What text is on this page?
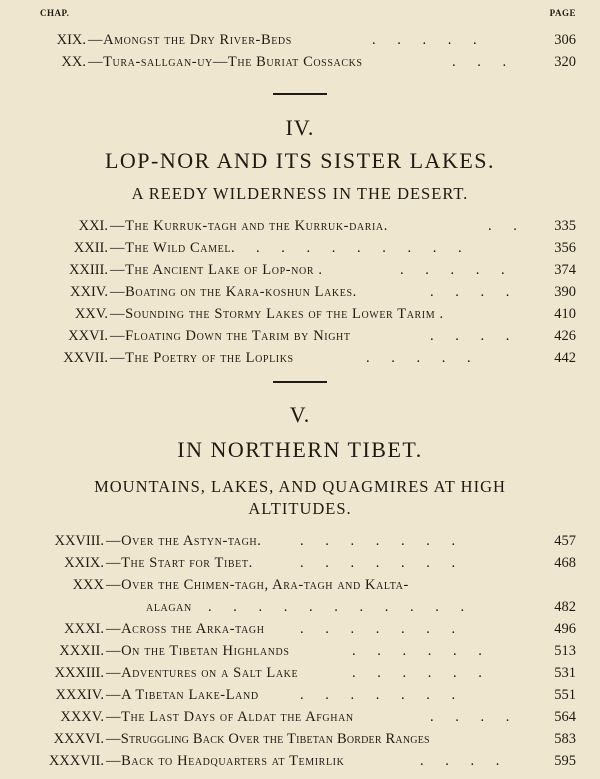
CHAP.	PAGE
XIX. —Amongst the Dry River-Beds	. . . . .	306
XX. —Tura-sallgan-uy—The Buriat Cossacks	. . .	320
IV.
LOP-NOR AND ITS SISTER LAKES.
A REEDY WILDERNESS IN THE DESERT.
XXI. —The Kurruk-tagh and the Kurruk-daria.	. .	335
XXII. —The Wild Camel. . . . . . . . . .	356
XXIII. —The Ancient Lake of Lop-nor .	. . . . .	374
XXIV. —Boating on the Kara-koshun Lakes.	. . . .	390
XXV. —Sounding the Stormy Lakes of the Lower Tarim .	410
XXVI. —Floating Down the Tarim by Night	. . . .	426
XXVII. —The Poetry of the Lopliks	. . . . .	442
V.
IN NORTHERN TIBET.
MOUNTAINS, LAKES, AND QUAGMIRES AT HIGH
ALTITUDES.
XXVIII. —Over the Astyn-tagh.	. . . . . . .	457
XXIX. —The Start for Tibet.	. . . . . . .	468
XXX —Over the Chimen-tagh, Ara-tagh and Kalta-
alagan . . . . . . . . . . .	482
XXXI. —Across the Arka-tagh . . . . . . .	496
XXXII. —On the Tibetan Highlands	. . . . . .	513
XXXIII. —Adventures on a Salt Lake	. . . . . .	531
XXXIV. —A Tibetan Lake-Land	. . . . . . .	551
XXXV. —The Last Days of Aldat the Afghan	. . . .	564
XXXVI. —Struggling Back Over the Tibetan Border Ranges	583
XXXVII. —Back to Headquarters at Temirlik	. . . .	595
